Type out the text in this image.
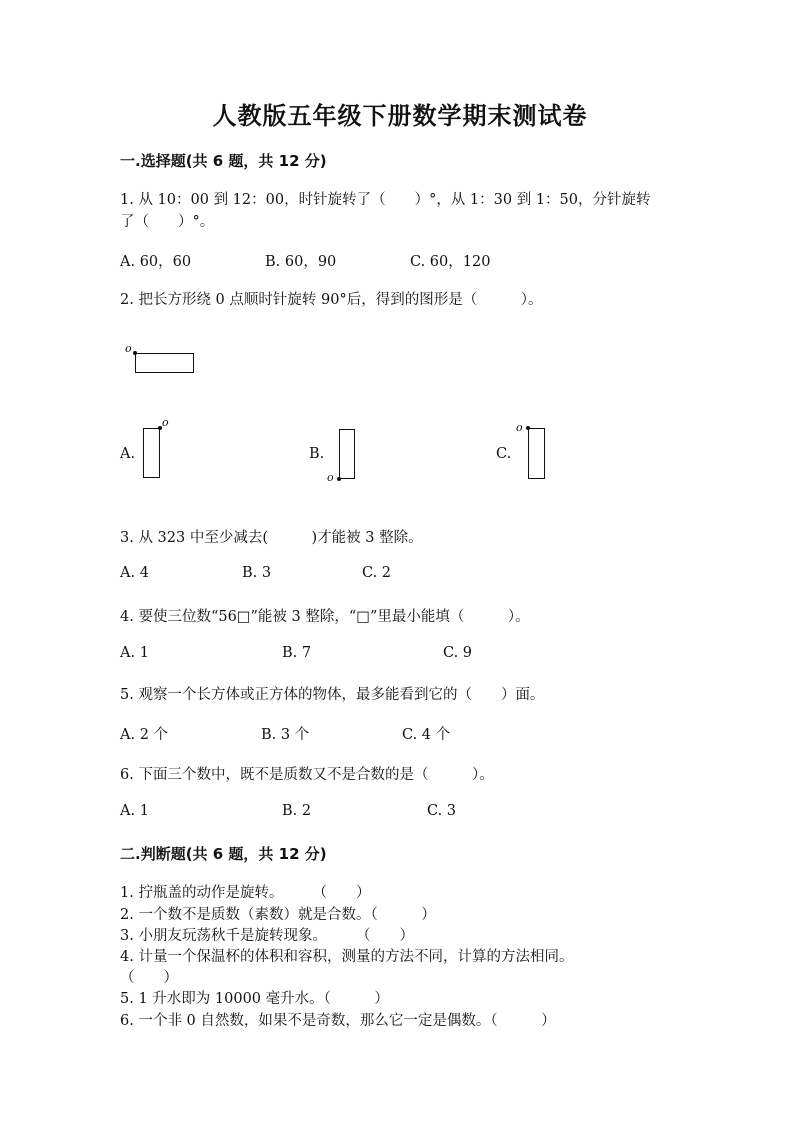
人教版五年级下册数学期末测试卷
一.选择题(共 6 题，共 12 分)
1. 从 10：00 到 12：00，时针旋转了（　　）°，从 1：30 到 1：50，分针旋转
了（　　）°。
A. 60，60	B. 60，90	C. 60，120
2. 把长方形绕 0 点顺时针旋转 90°后，得到的图形是（　　　）。
o
A.
o
B.
o
C.
o
3. 从 323 中至少减去(　　　)才能被 3 整除。
A. 4	B. 3	C. 2
4. 要使三位数“56□”能被 3 整除，“□”里最小能填（　　　）。
A. 1	B. 7	C. 9
5. 观察一个长方体或正方体的物体，最多能看到它的（　　）面。
A. 2 个	B. 3 个	C. 4 个
6. 下面三个数中，既不是质数又不是合数的是（　　　）。
A. 1	B. 2	C. 3
二.判断题(共 6 题，共 12 分)
1. 拧瓶盖的动作是旋转。　　　（　　）
2. 一个数不是质数（素数）就是合数。（　　　）
3. 小朋友玩荡秋千是旋转现象。　　　（　　）
4. 计量一个保温杯的体积和容积，测量的方法不同，计算的方法相同。
（　　）
5. 1 升水即为 10000 毫升水。（　　　）
6. 一个非 0 自然数，如果不是奇数，那么它一定是偶数。（　　　）
